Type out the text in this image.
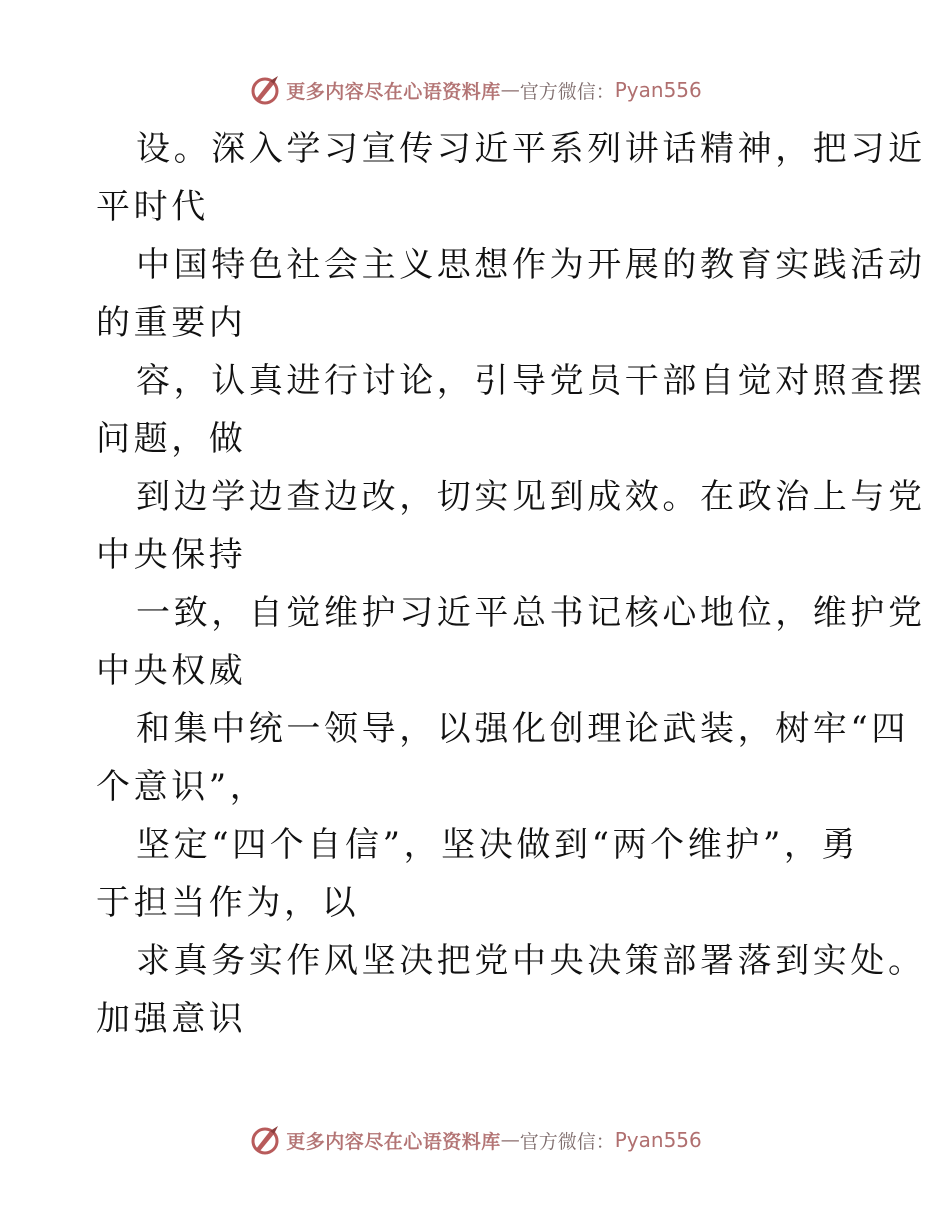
更多内容尽在心语资料库 — 官方微信： Pyan556
设。深入学习宣传习近平系列讲话精神，把习近
平时代
中国特色社会主义思想作为开展的教育实践活动
的重要内
容，认真进行讨论，引导党员干部自觉对照查摆
问题，做
到边学边查边改，切实见到成效。在政治上与党
中央保持
一致，自觉维护习近平总书记核心地位，维护党
中央权威
和集中统一领导，以强化创理论武装，树牢“四
个意识”，
坚定“四个自信”，坚决做到“两个维护”，勇
于担当作为，以
求真务实作风坚决把党中央决策部署落到实处。
加强意识
更多内容尽在心语资料库 — 官方微信： Pyan556
